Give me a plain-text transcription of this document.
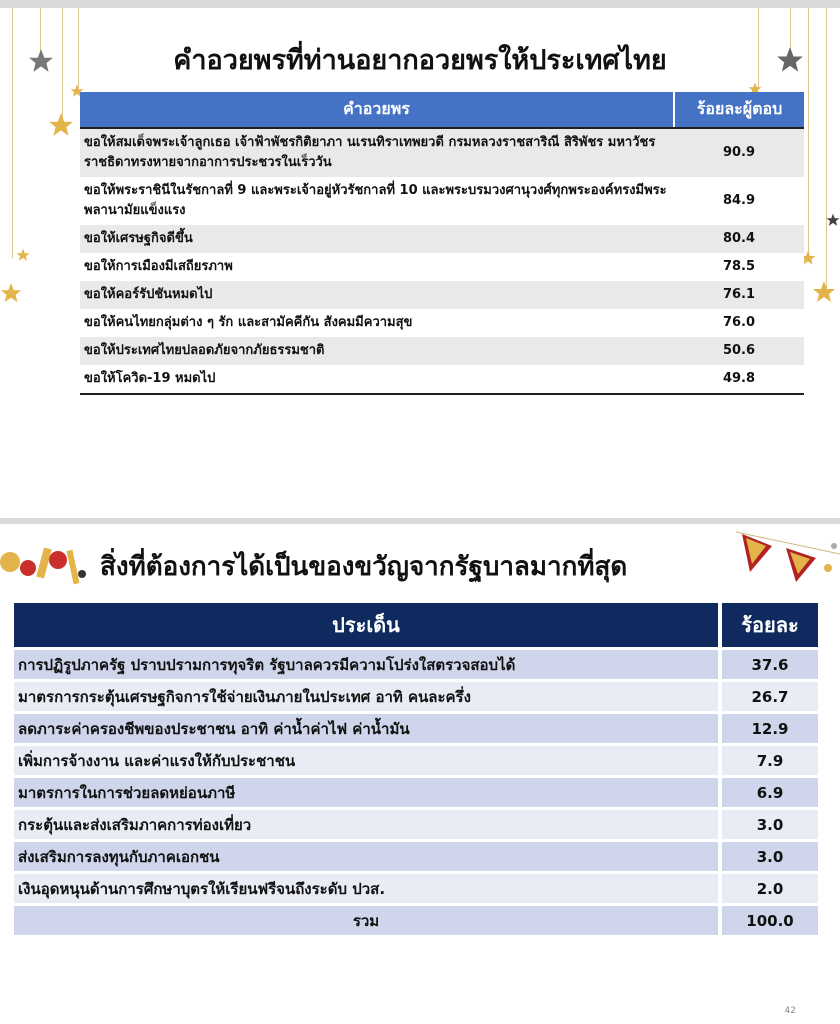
คำอวยพรที่ท่านอยากอวยพรให้ประเทศไทย
คำอวยพร	ร้อยละผู้ตอบ
ขอให้สมเด็จพระเจ้าลูกเธอ เจ้าฟ้าพัชรกิติยาภา นเรนทิราเทพยวดี กรมหลวงราชสาริณี สิริพัชร มหาวัชรราชธิดาทรงหายจากอาการประชวรในเร็ววัน	90.9
ขอให้พระราชินีในรัชกาลที่ 9 และพระเจ้าอยู่หัวรัชกาลที่ 10 และพระบรมวงศานุวงศ์ทุกพระองค์ทรงมีพระพลานามัยแข็งแรง	84.9
ขอให้เศรษฐกิจดีขึ้น	80.4
ขอให้การเมืองมีเสถียรภาพ	78.5
ขอให้คอร์รัปชันหมดไป	76.1
ขอให้คนไทยกลุ่มต่าง ๆ รัก และสามัคคีกัน สังคมมีความสุข	76.0
ขอให้ประเทศไทยปลอดภัยจากภัยธรรมชาติ	50.6
ขอให้โควิด-19 หมดไป	49.8
สิ่งที่ต้องการได้เป็นของขวัญจากรัฐบาลมากที่สุด
ประเด็น	ร้อยละ
การปฏิรูปภาครัฐ ปราบปรามการทุจริต รัฐบาลควรมีความโปร่งใสตรวจสอบได้	37.6
มาตรการกระตุ้นเศรษฐกิจการใช้จ่ายเงินภายในประเทศ อาทิ คนละครึ่ง	26.7
ลดภาระค่าครองชีพของประชาชน อาทิ ค่าน้ำค่าไฟ ค่าน้ำมัน	12.9
เพิ่มการจ้างงาน และค่าแรงให้กับประชาชน	7.9
มาตรการในการช่วยลดหย่อนภาษี	6.9
กระตุ้นและส่งเสริมภาคการท่องเที่ยว	3.0
ส่งเสริมการลงทุนกับภาคเอกชน	3.0
เงินอุดหนุนด้านการศึกษาบุตรให้เรียนฟรีจนถึงระดับ ปวส.	2.0
รวม	100.0
42
